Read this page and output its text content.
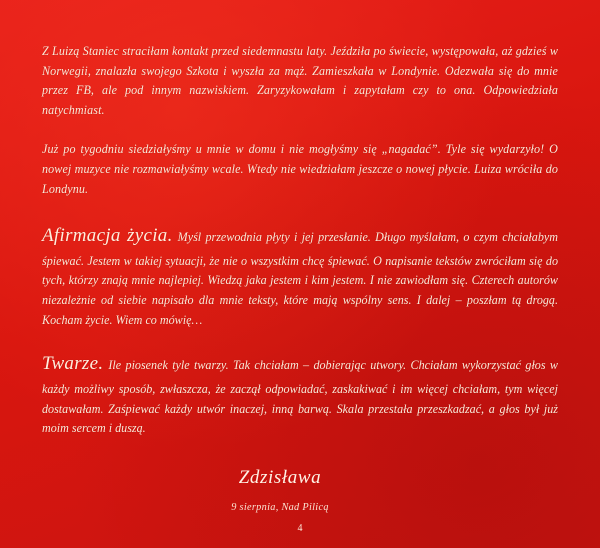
Z Luizą Staniec straciłam kontakt przed siedemnastu laty. Jeździła po świecie, występowała, aż gdzieś w Norwegii, znalazła swojego Szkota i wyszła za mąż. Zamieszkała w Londynie. Odezwała się do mnie przez FB, ale pod innym nazwiskiem. Zaryzykowałam i zapytałam czy to ona. Odpowiedziała natychmiast.

Już po tygodniu siedziałyśmy u mnie w domu i nie mogłyśmy się „nagadać”. Tyle się wydarzyło! O nowej muzyce nie rozmawiałyśmy wcale. Wtedy nie wiedziałam jeszcze o nowej płycie. Luiza wróciła do Londynu.

Afirmacja życia. Myśl przewodnia płyty i jej przesłanie. Długo myślałam, o czym chciałabym śpiewać. Jestem w takiej sytuacji, że nie o wszystkim chcę śpiewać. O napisanie tekstów zwróciłam się do tych, którzy znają mnie najlepiej. Wiedzą jaka jestem i kim jestem. I nie zawiodłam się. Czterech autorów niezależnie od siebie napisało dla mnie teksty, które mają wspólny sens. I dalej – poszłam tą drogą. Kocham życie. Wiem co mówię…

Twarze. Ile piosenek tyle twarzy. Tak chciałam – dobierając utwory. Chciałam wykorzystać głos w każdy możliwy sposób, zwłaszcza, że zaczął odpowiadać, zaskakiwać i im więcej chciałam, tym więcej dostawałam. Zaśpiewać każdy utwór inaczej, inną barwą. Skala przestała przeszkadzać, a głos był już moim sercem i duszą.

Zdzisława
9 sierpnia, Nad Pilicą
4
